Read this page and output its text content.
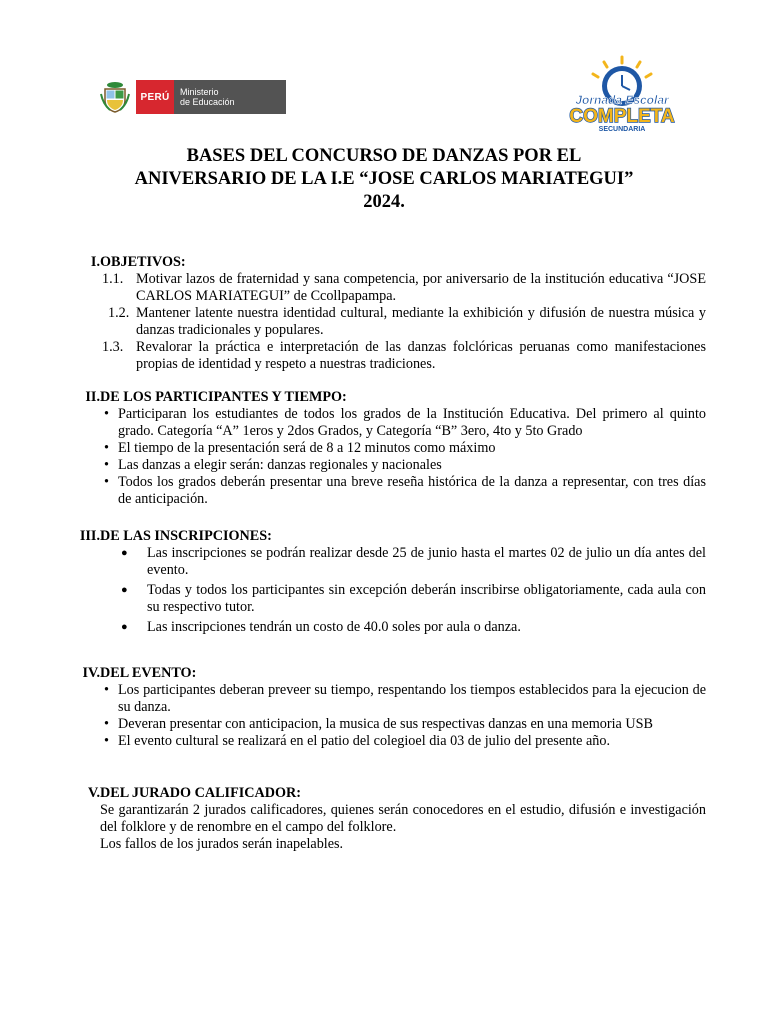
PERÚ	Ministerio
de Educación	Jornada Escolar
COMPLETA
SECUNDARIA
BASES DEL CONCURSO DE DANZAS POR EL
ANIVERSARIO DE LA I.E “JOSE CARLOS MARIATEGUI”
2024.
I. OBJETIVOS:
1.1. Motivar lazos de fraternidad y sana competencia, por aniversario de la institución educativa “JOSE CARLOS MARIATEGUI” de Ccollpapampa.
1.2. Mantener latente nuestra identidad cultural, mediante la exhibición y difusión de nuestra música y danzas tradicionales y populares.
1.3. Revalorar la práctica e interpretación de las danzas folclóricas peruanas como manifestaciones propias de identidad y respeto a nuestras tradiciones.
II. DE LOS PARTICIPANTES Y TIEMPO:
• Participaran los estudiantes de todos los grados de la Institución Educativa. Del primero al quinto grado. Categoría “A” 1eros y 2dos Grados, y Categoría “B” 3ero, 4to y 5to Grado
• El tiempo de la presentación será de 8 a 12 minutos como máximo
• Las danzas a elegir serán: danzas regionales y nacionales
• Todos los grados deberán presentar una breve reseña histórica de la danza a representar, con tres días de anticipación.
III. DE LAS INSCRIPCIONES:
● Las inscripciones se podrán realizar desde 25 de junio hasta el martes 02 de julio un día antes del evento.
● Todas y todos los participantes sin excepción deberán inscribirse obligatoriamente, cada aula con su respectivo tutor.
● Las inscripciones tendrán un costo de 40.0 soles por aula o danza.
IV. DEL EVENTO:
• Los participantes deberan preveer su tiempo, respentando los tiempos establecidos para la ejecucion de su danza.
• Deveran presentar con anticipacion, la musica de sus respectivas danzas en una memoria USB
• El evento cultural se realizará en el patio del colegioel dia 03 de julio del presente año.
V. DEL JURADO CALIFICADOR:
Se garantizarán 2 jurados calificadores, quienes serán conocedores en el estudio, difusión e investigación del folklore y de renombre en el campo del folklore.
Los fallos de los jurados serán inapelables.
